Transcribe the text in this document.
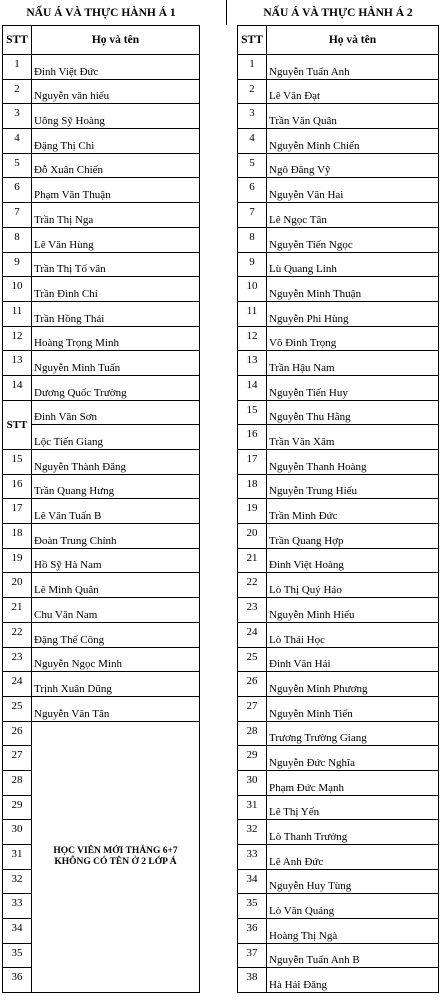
NẤU Á VÀ THỰC HÀNH Á 1
STT	Họ và tên
1	Đinh Việt Đức
2	Nguyễn văn hiếu
3	Uông Sỹ Hoàng
4	Đặng Thị Chi
5	Đỗ Xuân Chiến
6	Phạm Văn Thuận
7	Trần Thị Nga
8	Lê Văn Hùng
9	Trần Thị Tố vân
10	Trần Đình Chí
11	Trần Hồng Thái
12	Hoàng Trọng Minh
13	Nguyễn Minh Tuấn
14	Dương Quốc Trường
STT	Đinh Văn Sơn
	Lộc Tiến Giang
15	Nguyễn Thành Đăng
16	Trần Quang Hưng
17	Lê Văn Tuấn B
18	Đoàn Trung Chính
19	Hồ Sỹ Hà Nam
20	Lê Minh Quân
21	Chu Văn Nam
22	Đặng Thế Công
23	Nguyễn Ngọc Minh
24	Trịnh Xuân Dũng
25	Nguyễn Văn Tân
26	HỌC VIÊN MỚI THÁNG 6+7 KHÔNG CÓ TÊN Ở 2 LỚP Á
27	
28	
29	
30	
31	
32	
33	
34	
35	
36	
NẤU Á VÀ THỰC HÀNH Á 2
STT	Họ và tên
1	Nguyễn Tuấn Anh
2	Lê Văn Đạt
3	Trần Văn Quân
4	Nguyễn Minh Chiến
5	Ngô Đăng Vỹ
6	Nguyễn Văn Hai
7	Lê Ngọc Tân
8	Nguyễn Tiến Ngọc
9	Lù Quang Linh
10	Nguyễn Minh Thuận
11	Nguyễn Phi Hùng
12	Võ Đình Trọng
13	Trần Hậu Nam
14	Nguyễn Tiến Huy
15	Nguyễn Thu Hằng
16	Trần Văn Xâm
17	Nguyễn Thanh Hoàng
18	Nguyễn Trung Hiếu
19	Trần Minh Đức
20	Trần Quang Hợp
21	Đinh Việt Hoàng
22	Lò Thị Quý Hảo
23	Nguyễn Minh Hiếu
24	Lò Thái Học
25	Đinh Văn Hải
26	Nguyễn Minh Phương
27	Nguyễn Minh Tiến
28	Trương Trường Giang
29	Nguyễn Đức Nghĩa
30	Phạm Đức Mạnh
31	Lê Thị Yến
32	Lò Thanh Trưởng
33	Lê Anh Đức
34	Nguyễn Huy Tùng
35	Lò Văn Quảng
36	Hoàng Thị Ngà
37	Nguyễn Tuấn Anh B
38	Hà Hải Đăng
